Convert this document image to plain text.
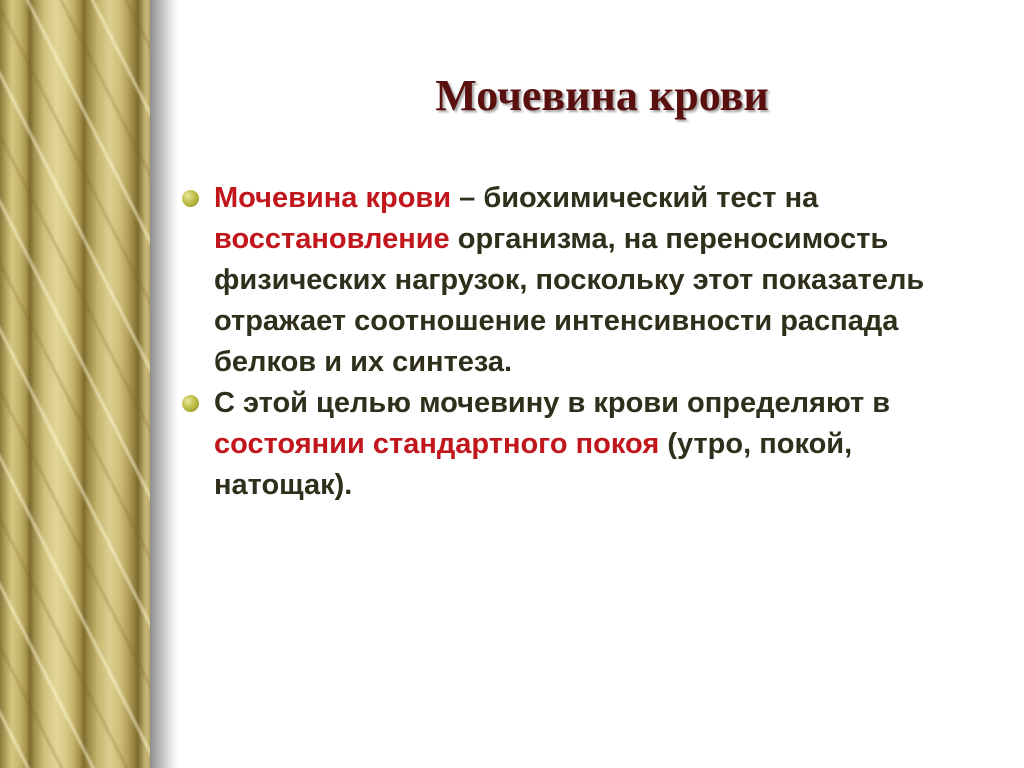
Мочевина крови
Мочевина крови – биохимический тест на восстановление организма, на переносимость физических нагрузок, поскольку этот показатель отражает соотношение интенсивности распада белков и их синтеза.
С этой целью мочевину в крови определяют в состоянии стандартного покоя (утро, покой, натощак).
